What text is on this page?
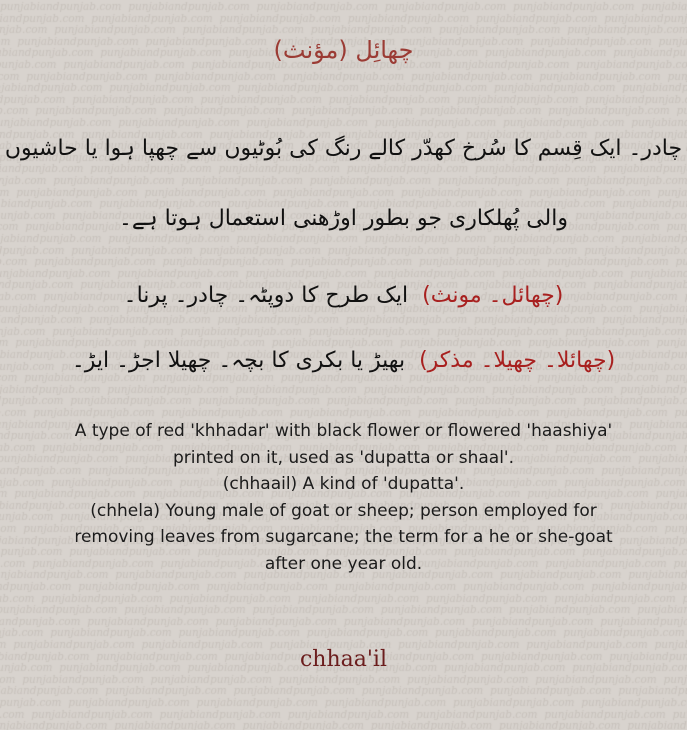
چھائِل (مؤنث)
چادر۔ ایک قِسم کا سُرخ کھدّر کالے رنگ کی بُوٹیوں سے چھپا ہوا یا حاشیوں
والی پُھلکاری جو بطور اوڑھنی استعمال ہوتا ہے۔
(چھائل۔ مونث)  ایک طرح کا دوپٹہ۔ چادر۔ پرنا۔
(چھائلا۔ چھیلا۔ مذکر)  بھیڑ یا بکری کا بچہ۔ چھیلا اجڑ۔ ایڑ۔
A type of red 'khhadar' with black flower or flowered 'haashiya'
printed on it, used as 'dupatta or shaal'.
(chhaail) A kind of 'dupatta'.
(chhela) Young male of goat or sheep; person employed for
removing leaves from sugarcane; the term for a he or she-goat
after one year old.
chhaa'il
